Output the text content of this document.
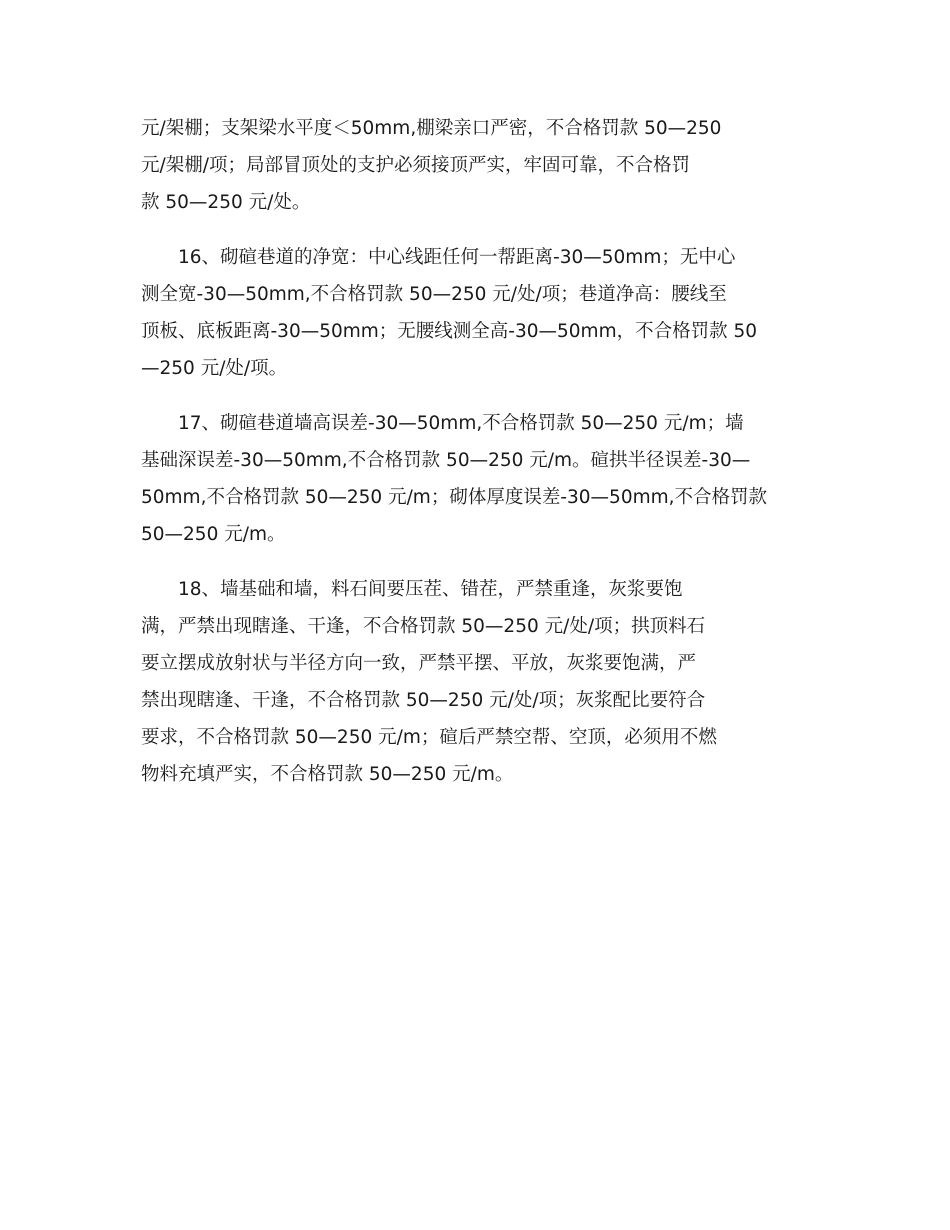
元/架棚；支架梁水平度＜50mm,棚梁亲口严密，不合格罚款 50—250
元/架棚/项；局部冒顶处的支护必须接顶严实，牢固可靠，不合格罚
款 50—250 元/处。

16、砌碹巷道的净宽：中心线距任何一帮距离-30—50mm；无中心
测全宽-30—50mm,不合格罚款 50—250 元/处/项；巷道净高：腰线至
顶板、底板距离-30—50mm；无腰线测全高-30—50mm，不合格罚款 50
—250 元/处/项。

17、砌碹巷道墙高误差-30—50mm,不合格罚款 50—250 元/m；墙
基础深误差-30—50mm,不合格罚款 50—250 元/m。碹拱半径误差-30—
50mm,不合格罚款 50—250 元/m；砌体厚度误差-30—50mm,不合格罚款
50—250 元/m。

18、墙基础和墙，料石间要压茬、错茬，严禁重逢，灰浆要饱
满，严禁出现瞎逢、干逢，不合格罚款 50—250 元/处/项；拱顶料石
要立摆成放射状与半径方向一致，严禁平摆、平放，灰浆要饱满，严
禁出现瞎逢、干逢，不合格罚款 50—250 元/处/项；灰浆配比要符合
要求，不合格罚款 50—250 元/m；碹后严禁空帮、空顶，必须用不燃
物料充填严实，不合格罚款 50—250 元/m。
